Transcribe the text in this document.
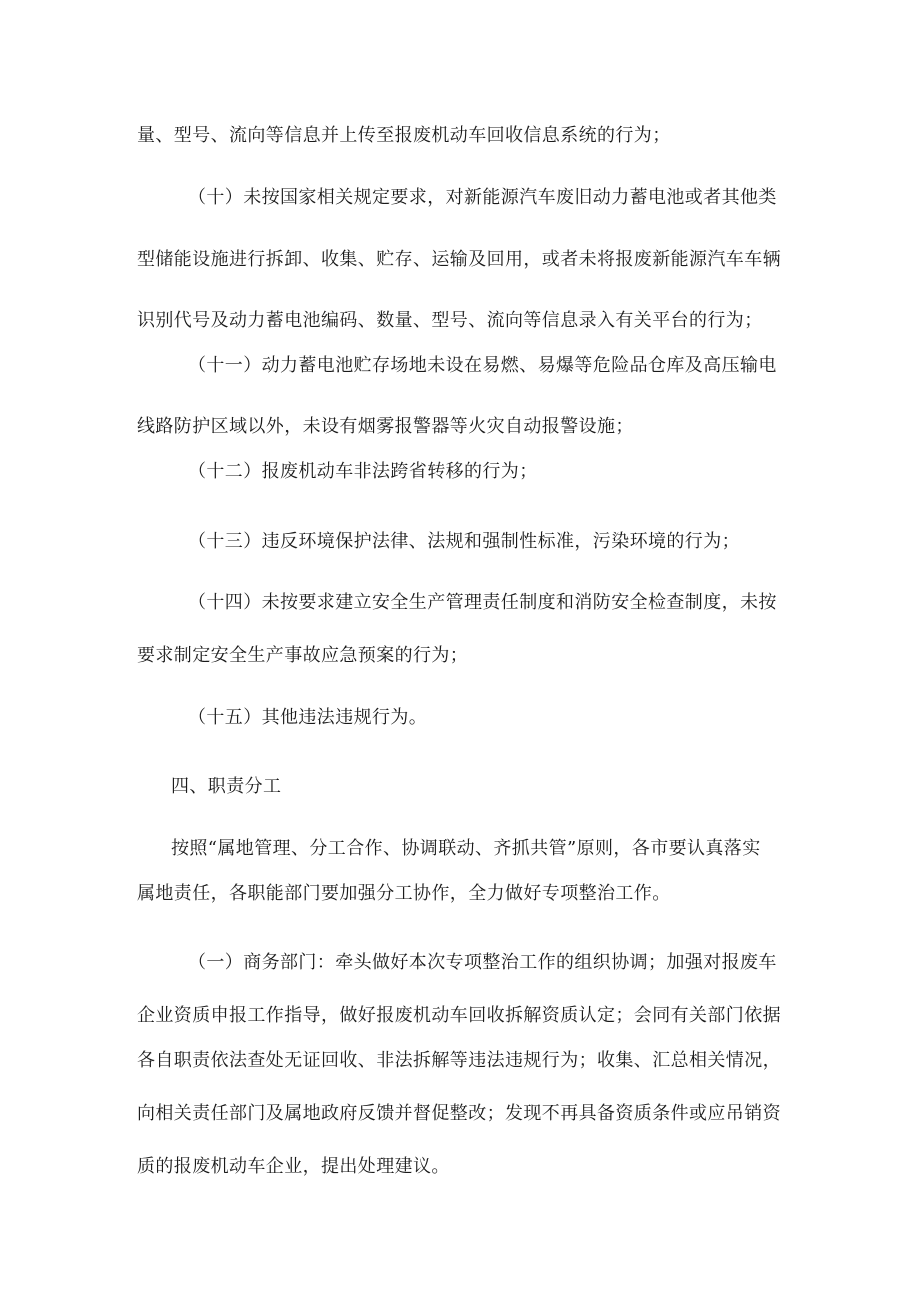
量、型号、流向等信息并上传至报废机动车回收信息系统的行为；
（十）未按国家相关规定要求，对新能源汽车废旧动力蓄电池或者其他类
型储能设施进行拆卸、收集、贮存、运输及回用，或者未将报废新能源汽车车辆
识别代号及动力蓄电池编码、数量、型号、流向等信息录入有关平台的行为；
（十一）动力蓄电池贮存场地未设在易燃、易爆等危险品仓库及高压输电
线路防护区域以外，未设有烟雾报警器等火灾自动报警设施；
（十二）报废机动车非法跨省转移的行为；
（十三）违反环境保护法律、法规和强制性标准，污染环境的行为；
（十四）未按要求建立安全生产管理责任制度和消防安全检查制度，未按
要求制定安全生产事故应急预案的行为；
（十五）其他违法违规行为。
四、职责分工
按照“属地管理、分工合作、协调联动、齐抓共管”原则，各市要认真落实
属地责任，各职能部门要加强分工协作，全力做好专项整治工作。
（一）商务部门：牵头做好本次专项整治工作的组织协调；加强对报废车
企业资质申报工作指导，做好报废机动车回收拆解资质认定；会同有关部门依据
各自职责依法查处无证回收、非法拆解等违法违规行为；收集、汇总相关情况，
向相关责任部门及属地政府反馈并督促整改；发现不再具备资质条件或应吊销资
质的报废机动车企业，提出处理建议。
